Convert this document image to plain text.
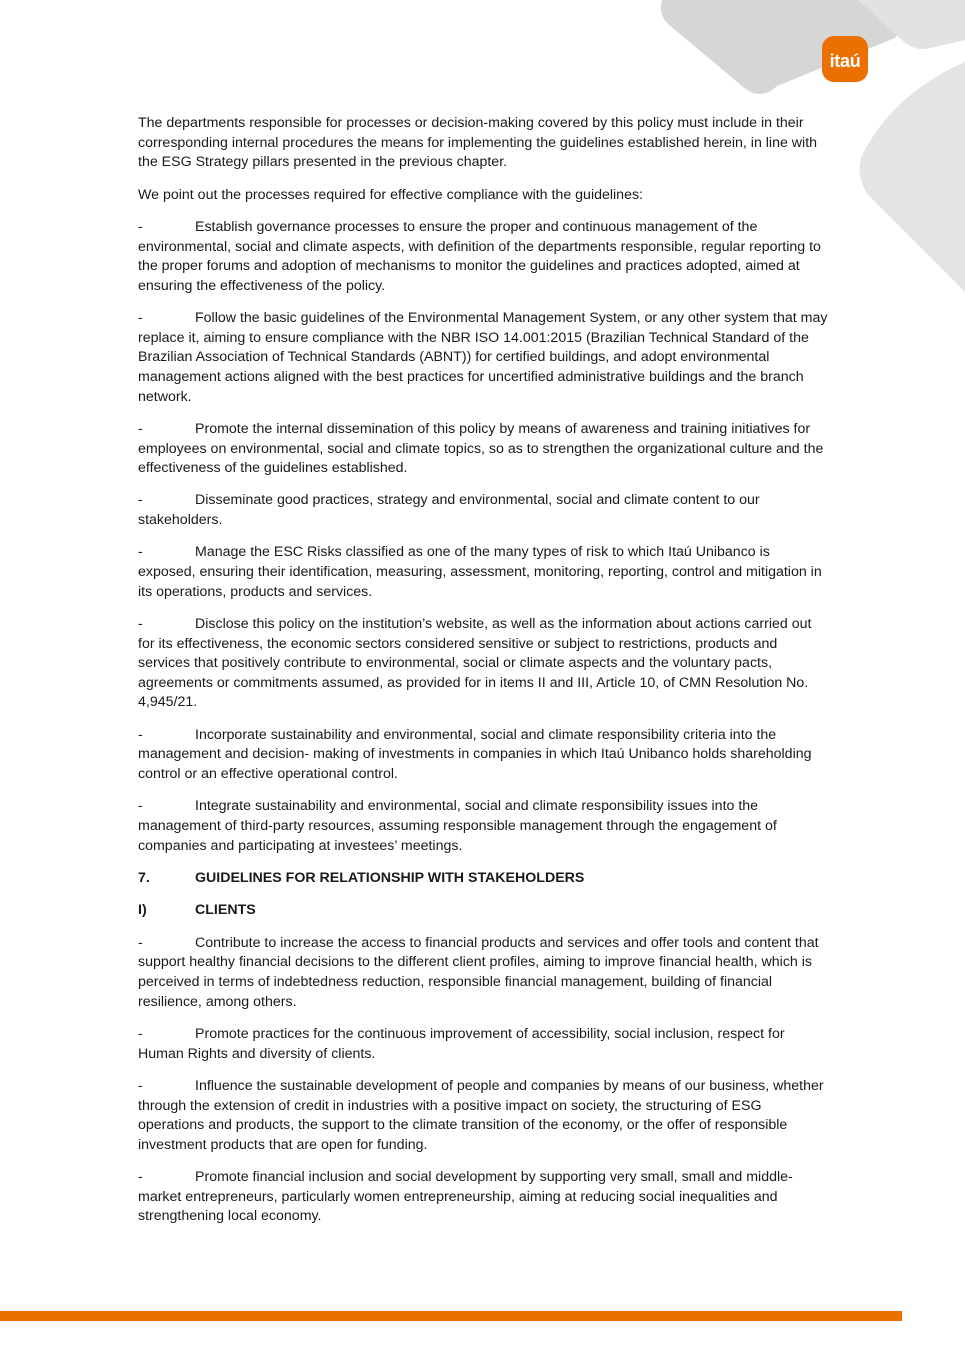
itaú

The departments responsible for processes or decision-making covered by this policy must include in their corresponding internal procedures the means for implementing the guidelines established herein, in line with the ESG Strategy pillars presented in the previous chapter.

We point out the processes required for effective compliance with the guidelines:

-	Establish governance processes to ensure the proper and continuous management of the environmental, social and climate aspects, with definition of the departments responsible, regular reporting to the proper forums and adoption of mechanisms to monitor the guidelines and practices adopted, aimed at ensuring the effectiveness of the policy.

-	Follow the basic guidelines of the Environmental Management System, or any other system that may replace it, aiming to ensure compliance with the NBR ISO 14.001:2015 (Brazilian Technical Standard of the Brazilian Association of Technical Standards (ABNT)) for certified buildings, and adopt environmental management actions aligned with the best practices for uncertified administrative buildings and the branch network.

-	Promote the internal dissemination of this policy by means of awareness and training initiatives for employees on environmental, social and climate topics, so as to strengthen the organizational culture and the effectiveness of the guidelines established.

-	Disseminate good practices, strategy and environmental, social and climate content to our stakeholders.

-	Manage the ESC Risks classified as one of the many types of risk to which Itaú Unibanco is exposed, ensuring their identification, measuring, assessment, monitoring, reporting, control and mitigation in its operations, products and services.

-	Disclose this policy on the institution’s website, as well as the information about actions carried out for its effectiveness, the economic sectors considered sensitive or subject to restrictions, products and services that positively contribute to environmental, social or climate aspects and the voluntary pacts, agreements or commitments assumed, as provided for in items II and III, Article 10, of CMN Resolution No. 4,945/21.

-	Incorporate sustainability and environmental, social and climate responsibility criteria into the management and decision- making of investments in companies in which Itaú Unibanco holds shareholding control or an effective operational control.

-	Integrate sustainability and environmental, social and climate responsibility issues into the management of third-party resources, assuming responsible management through the engagement of companies and participating at investees’ meetings.

7.	GUIDELINES FOR RELATIONSHIP WITH STAKEHOLDERS

I)	CLIENTS

-	Contribute to increase the access to financial products and services and offer tools and content that support healthy financial decisions to the different client profiles, aiming to improve financial health, which is perceived in terms of indebtedness reduction, responsible financial management, building of financial resilience, among others.

-	Promote practices for the continuous improvement of accessibility, social inclusion, respect for Human Rights and diversity of clients.

-	Influence the sustainable development of people and companies by means of our business, whether through the extension of credit in industries with a positive impact on society, the structuring of ESG operations and products, the support to the climate transition of the economy, or the offer of responsible investment products that are open for funding.

-	Promote financial inclusion and social development by supporting very small, small and middle-market entrepreneurs, particularly women entrepreneurship, aiming at reducing social inequalities and strengthening local economy.
